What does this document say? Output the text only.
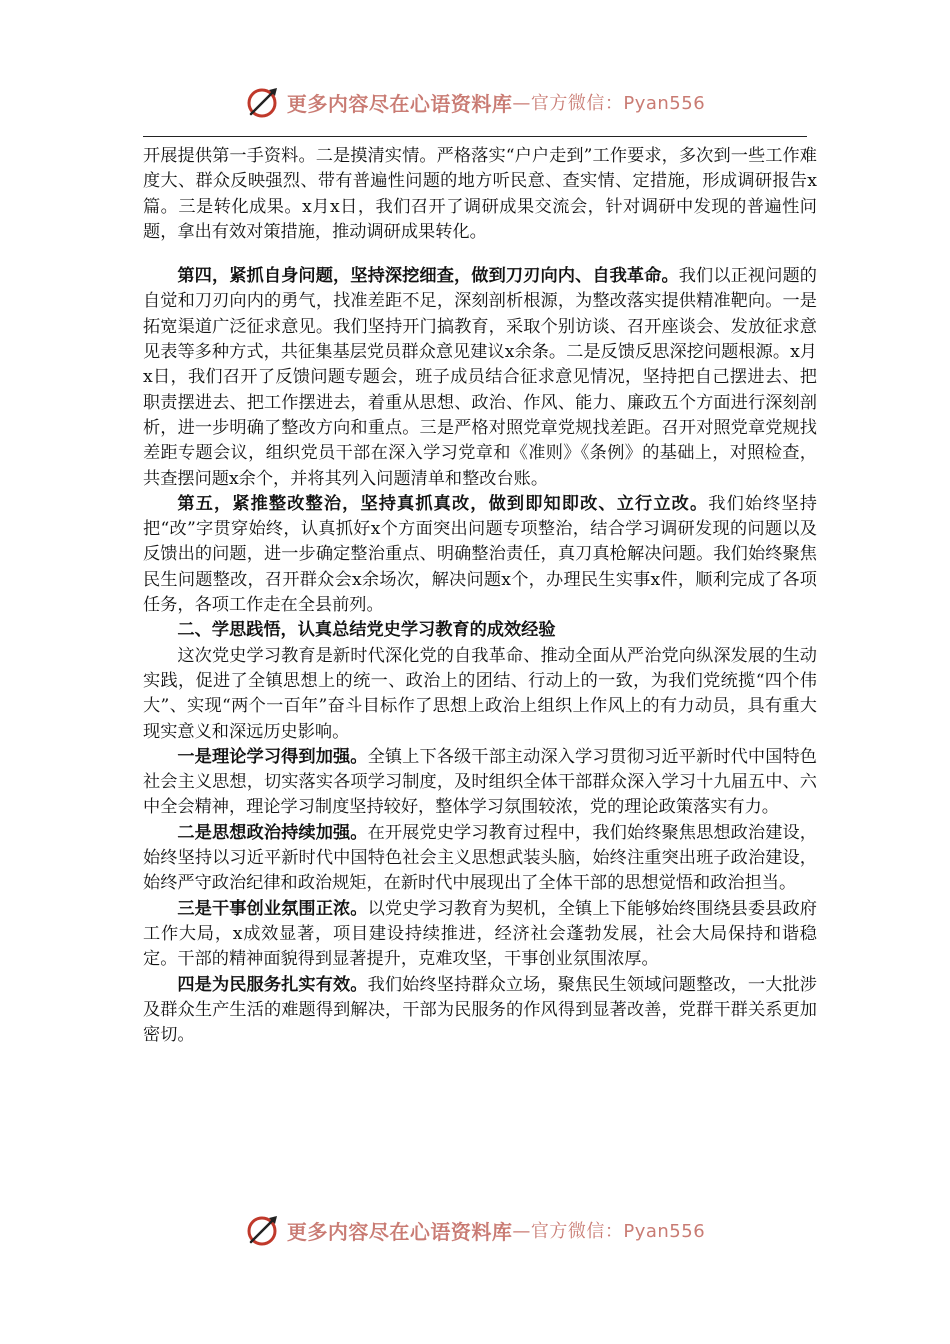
更多内容尽在心语资料库 —官方微信：Pyan556

开展提供第一手资料。二是摸清实情。严格落实“户户走到”工作要求，多次到一些工作难度大、群众反映强烈、带有普遍性问题的地方听民意、查实情、定措施，形成调研报告x篇。三是转化成果。x月x日，我们召开了调研成果交流会，针对调研中发现的普遍性问题，拿出有效对策措施，推动调研成果转化。

第四，紧抓自身问题，坚持深挖细查，做到刀刃向内、自我革命。我们以正视问题的自觉和刀刃向内的勇气，找准差距不足，深刻剖析根源，为整改落实提供精准靶向。一是拓宽渠道广泛征求意见。我们坚持开门搞教育，采取个别访谈、召开座谈会、发放征求意见表等多种方式，共征集基层党员群众意见建议x余条。二是反馈反思深挖问题根源。x月x日，我们召开了反馈问题专题会，班子成员结合征求意见情况，坚持把自己摆进去、把职责摆进去、把工作摆进去，着重从思想、政治、作风、能力、廉政五个方面进行深刻剖析，进一步明确了整改方向和重点。三是严格对照党章党规找差距。召开对照党章党规找差距专题会议，组织党员干部在深入学习党章和《准则》《条例》的基础上，对照检查，共查摆问题x余个，并将其列入问题清单和整改台账。

第五，紧推整改整治，坚持真抓真改，做到即知即改、立行立改。我们始终坚持把“改”字贯穿始终，认真抓好x个方面突出问题专项整治，结合学习调研发现的问题以及反馈出的问题，进一步确定整治重点、明确整治责任，真刀真枪解决问题。我们始终聚焦民生问题整改，召开群众会x余场次，解决问题x个，办理民生实事x件，顺利完成了各项任务，各项工作走在全县前列。

二、学思践悟，认真总结党史学习教育的成效经验

这次党史学习教育是新时代深化党的自我革命、推动全面从严治党向纵深发展的生动实践，促进了全镇思想上的统一、政治上的团结、行动上的一致，为我们党统揽“四个伟大”、实现“两个一百年”奋斗目标作了思想上政治上组织上作风上的有力动员，具有重大现实意义和深远历史影响。

一是理论学习得到加强。全镇上下各级干部主动深入学习贯彻习近平新时代中国特色社会主义思想，切实落实各项学习制度，及时组织全体干部群众深入学习十九届五中、六中全会精神，理论学习制度坚持较好，整体学习氛围较浓，党的理论政策落实有力。

二是思想政治持续加强。在开展党史学习教育过程中，我们始终聚焦思想政治建设，始终坚持以习近平新时代中国特色社会主义思想武装头脑，始终注重突出班子政治建设，始终严守政治纪律和政治规矩，在新时代中展现出了全体干部的思想觉悟和政治担当。

三是干事创业氛围正浓。以党史学习教育为契机，全镇上下能够始终围绕县委县政府工作大局，x成效显著，项目建设持续推进，经济社会蓬勃发展，社会大局保持和谐稳定。干部的精神面貌得到显著提升，克难攻坚，干事创业氛围浓厚。

四是为民服务扎实有效。我们始终坚持群众立场，聚焦民生领域问题整改，一大批涉及群众生产生活的难题得到解决，干部为民服务的作风得到显著改善，党群干群关系更加密切。

更多内容尽在心语资料库 —官方微信：Pyan556
